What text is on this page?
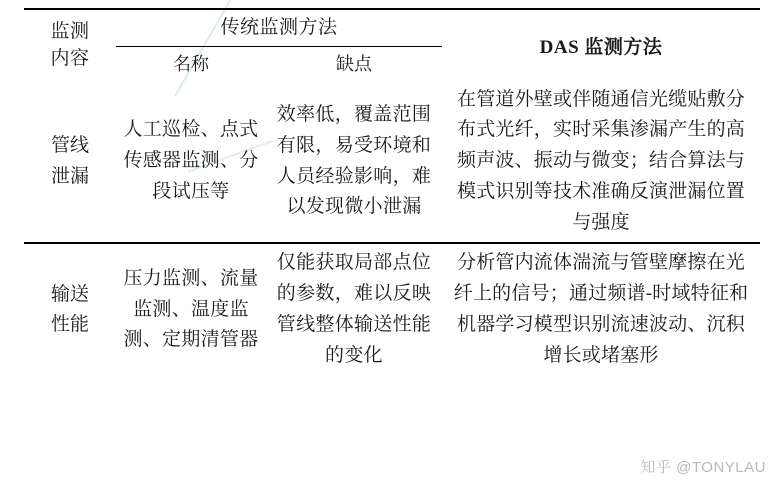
监测
内容	传统监测方法		DAS 监测方法
	名称	缺点	

管线
泄漏	人工巡检、点式传感器监测、分段试压等	效率低，覆盖范围有限，易受环境和人员经验影响，难以发现微小泄漏	在管道外壁或伴随通信光缆贴敷分布式光纤，实时采集渗漏产生的高频声波、振动与微变；结合算法与模式识别等技术准确反演泄漏位置与强度

输送
性能	压力监测、流量监测、温度监测、定期清管器	仅能获取局部点位的参数，难以反映管线整体输送性能的变化	分析管内流体湍流与管壁摩擦在光纤上的信号；通过频谱-时域特征和机器学习模型识别流速波动、沉积增长或堵塞形
知乎 @TONYLAU
